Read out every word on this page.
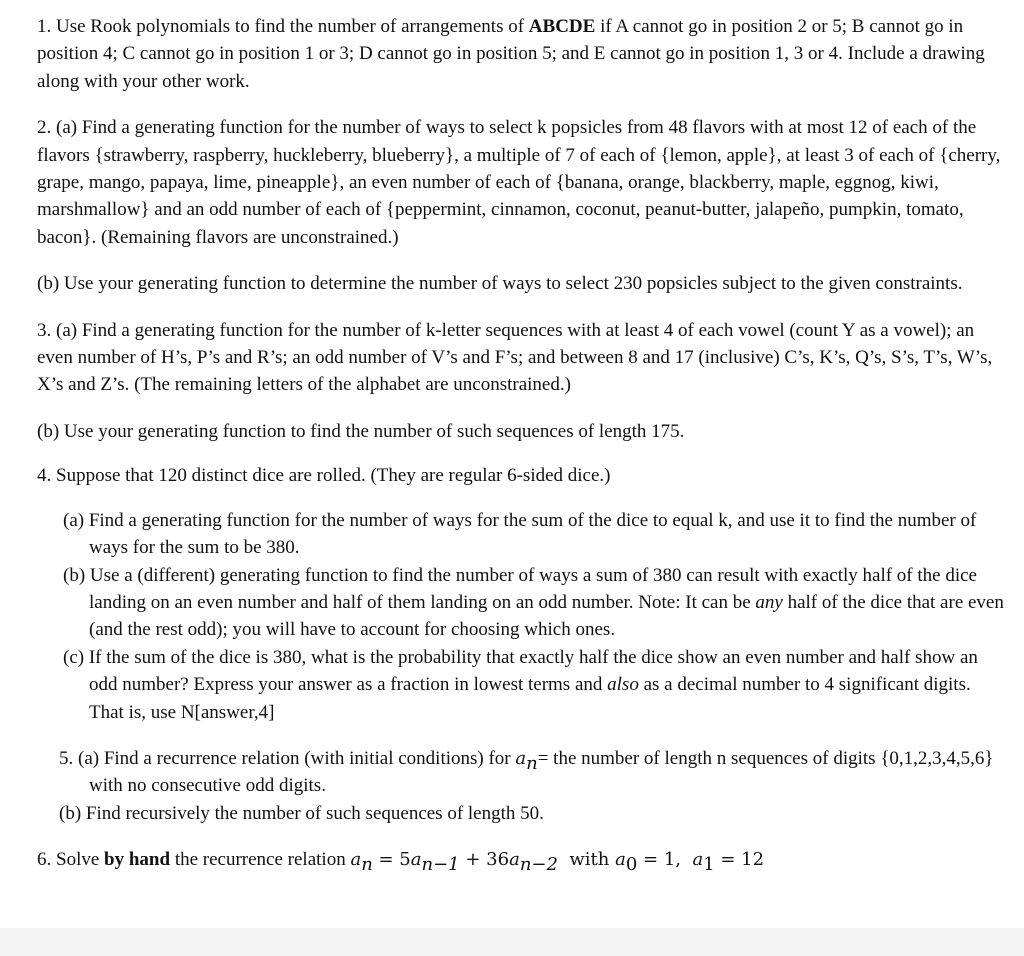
1. Use Rook polynomials to find the number of arrangements of ABCDE if A cannot go in position 2 or 5; B cannot go in position 4; C cannot go in position 1 or 3; D cannot go in position 5; and E cannot go in position 1, 3 or 4. Include a drawing along with your other work.

2. (a) Find a generating function for the number of ways to select k popsicles from 48 flavors with at most 12 of each of the flavors {strawberry, raspberry, huckleberry, blueberry}, a multiple of 7 of each of {lemon, apple}, at least 3 of each of {cherry, grape, mango, papaya, lime, pineapple}, an even number of each of {banana, orange, blackberry, maple, eggnog, kiwi, marshmallow} and an odd number of each of {peppermint, cinnamon, coconut, peanut-butter, jalapeño, pumpkin, tomato, bacon}. (Remaining flavors are unconstrained.)

(b) Use your generating function to determine the number of ways to select 230 popsicles subject to the given constraints.

3. (a) Find a generating function for the number of k-letter sequences with at least 4 of each vowel (count Y as a vowel); an even number of H’s, P’s and R’s; an odd number of V’s and F’s; and between 8 and 17 (inclusive) C’s, K’s, Q’s, S’s, T’s, W’s, X’s and Z’s. (The remaining letters of the alphabet are unconstrained.)

(b) Use your generating function to find the number of such sequences of length 175.

4. Suppose that 120 distinct dice are rolled. (They are regular 6-sided dice.)

(a) Find a generating function for the number of ways for the sum of the dice to equal k, and use it to find the number of ways for the sum to be 380.

(b) Use a (different) generating function to find the number of ways a sum of 380 can result with exactly half of the dice landing on an even number and half of them landing on an odd number. Note: It can be any half of the dice that are even (and the rest odd); you will have to account for choosing which ones.

(c) If the sum of the dice is 380, what is the probability that exactly half the dice show an even number and half show an odd number? Express your answer as a fraction in lowest terms and also as a decimal number to 4 significant digits. That is, use N[answer,4]

5. (a) Find a recurrence relation (with initial conditions) for $a_n=$ the number of length n sequences of digits {0,1,2,3,4,5,6} with no consecutive odd digits.

(b) Find recursively the number of such sequences of length 50.

6. Solve by hand the recurrence relation $a_n = 5a_{n-1} + 36a_{n-2}$  with $a_0 = 1$,  $a_1 = 12$
